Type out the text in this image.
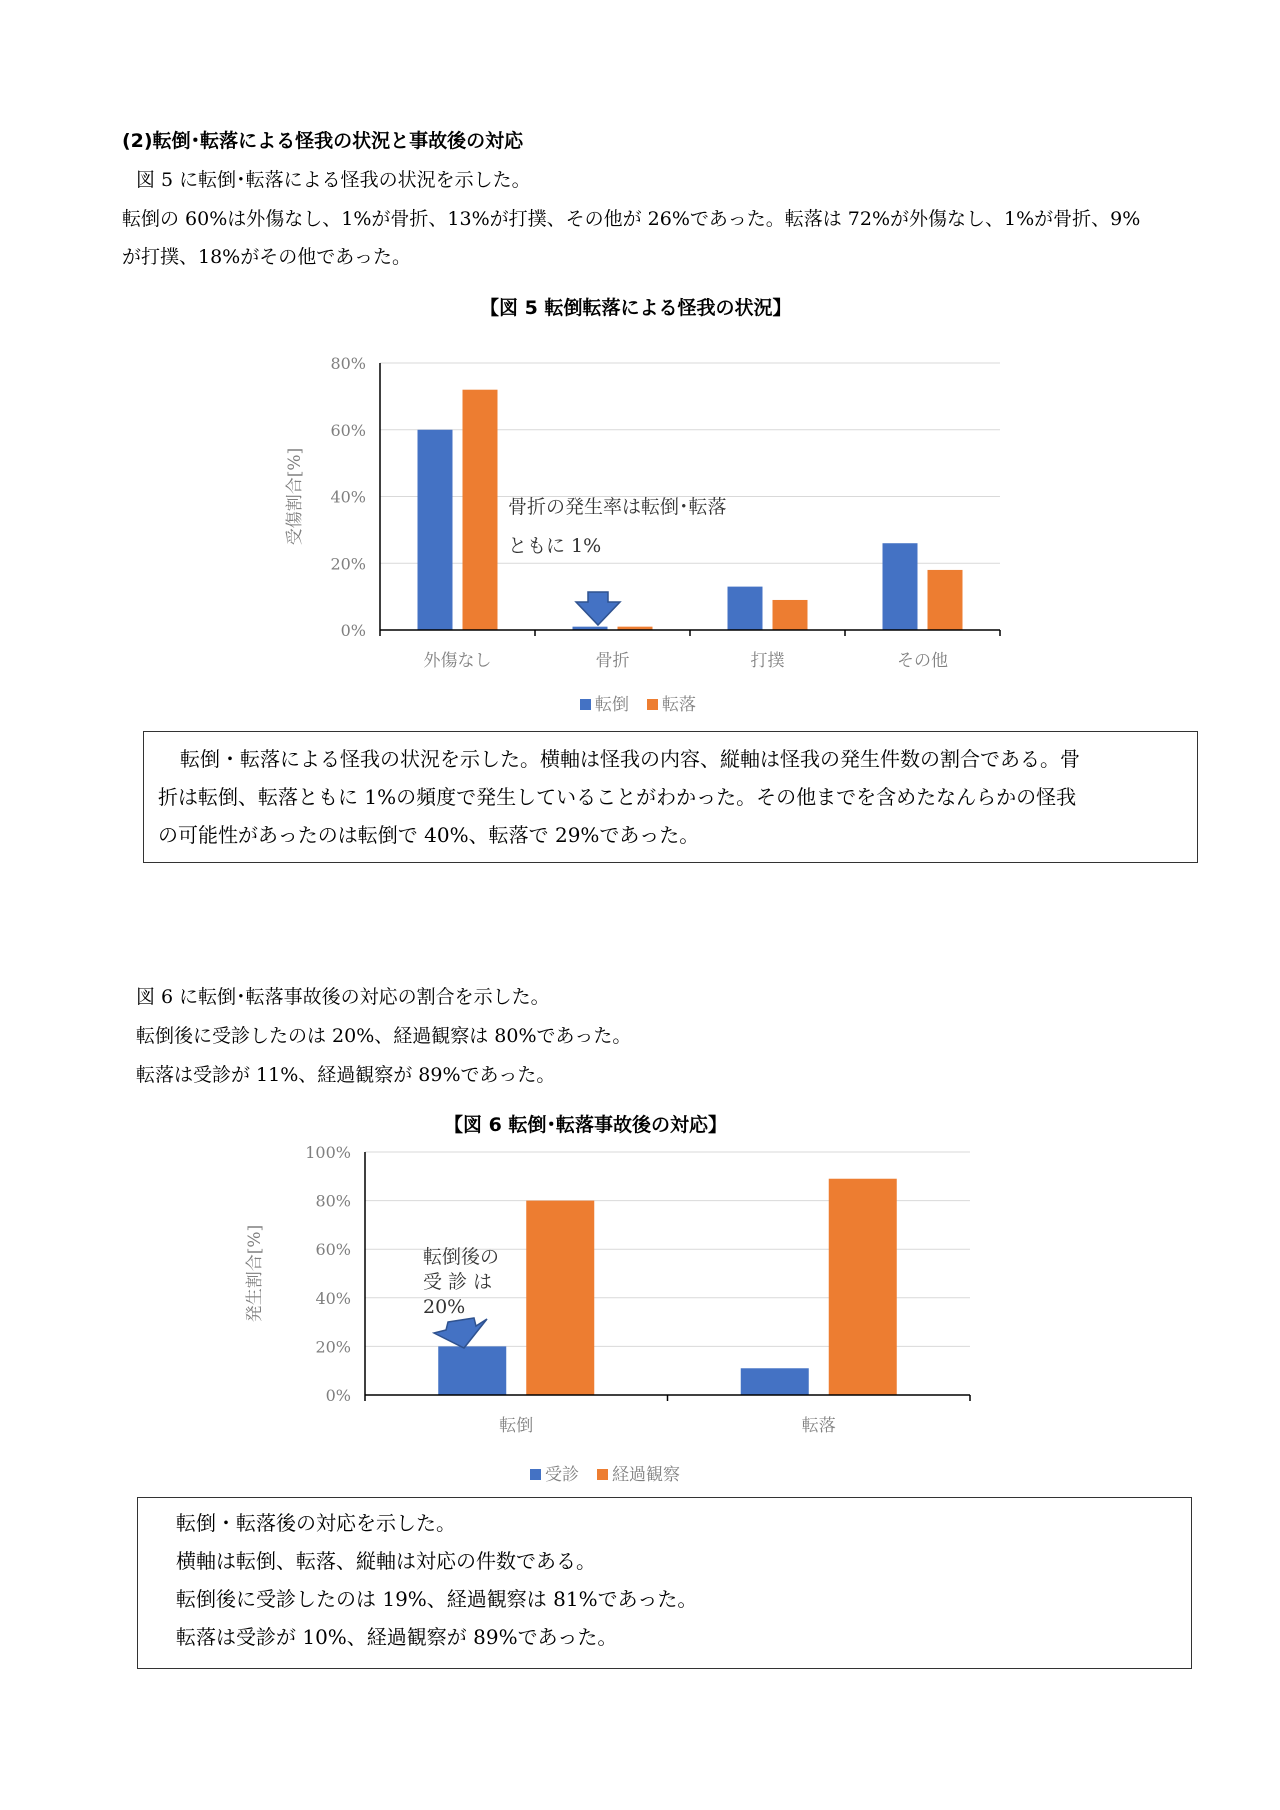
(2)転倒･転落による怪我の状況と事故後の対応
図 5 に転倒･転落による怪我の状況を示した。
転倒の 60%は外傷なし、1%が骨折、13%が打撲、その他が 26%であった。転落は 72%が外傷なし、1%が骨折、9%
が打撲、18%がその他であった。
【図 5 転倒転落による怪我の状況】
0%
20%
40%
60%
80%
外傷なし	骨折	打撲	その他
受傷割合[%]
転倒 転落
骨折の発生率は転倒･転落
ともに 1%
転倒・転落による怪我の状況を示した。横軸は怪我の内容、縦軸は怪我の発生件数の割合である。骨
折は転倒、転落ともに 1%の頻度で発生していることがわかった。その他までを含めたなんらかの怪我
の可能性があったのは転倒で 40%、転落で 29%であった。
図 6 に転倒･転落事故後の対応の割合を示した。
転倒後に受診したのは 20%、経過観察は 80%であった。
転落は受診が 11%、経過観察が 89%であった。
【図 6 転倒･転落事故後の対応】
0%
20%
40%
60%
80%
100%
転倒	転落
発生割合[%]
受診 経過観察
転倒後の
受 診 は
20%
転倒・転落後の対応を示した。
横軸は転倒、転落、縦軸は対応の件数である。
転倒後に受診したのは 19%、経過観察は 81%であった。
転落は受診が 10%、経過観察が 89%であった。
